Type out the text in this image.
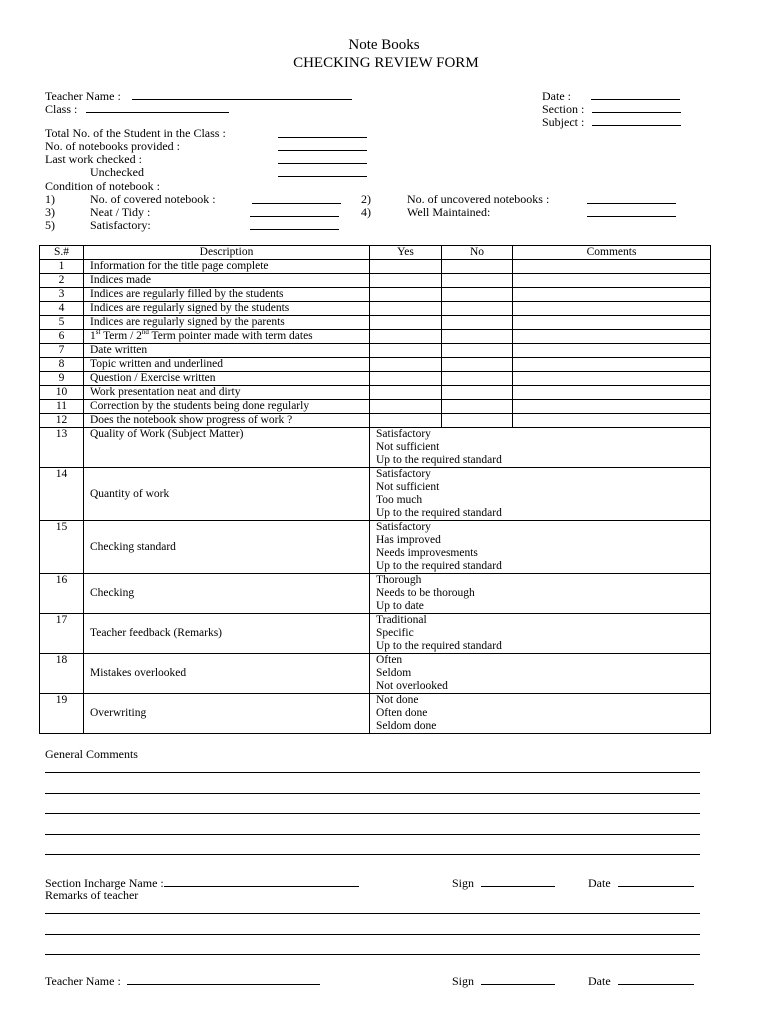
Note Books
CHECKING REVIEW FORM
Teacher Name :
Class :
Date :
Section :
Subject :
Total No. of the Student in the Class :
No. of notebooks provided :
Last work checked :
Unchecked
Condition of notebook :
1)	No. of covered notebook :	2)	No. of uncovered notebooks :
3)	Neat / Tidy :	4)	Well Maintained:
5)	Satisfactory:
S.#	Description	Yes	No	Comments
1	Information for the title page complete			
2	Indices made			
3	Indices are regularly filled by the students			
4	Indices are regularly signed by the students			
5	Indices are regularly signed by the parents			
6	1st Term / 2nd Term pointer made with term dates			
7	Date written			
8	Topic written and underlined			
9	Question / Exercise written			
10	Work presentation neat and dirty			
11	Correction by the students being done regularly			
12	Does the notebook show progress of work ?			
13	Quality of Work (Subject Matter)	Satisfactory
Not sufficient
Up to the required standard		

14	Quantity of work	Satisfactory
Not sufficient
Too much
Up to the required standard		

15	Checking standard	Satisfactory
Has improved
Needs improvesments
Up to the required standard		

16	Checking	Thorough
Needs to be thorough
Up to date		

17	Teacher feedback (Remarks)	Traditional
Specific
Up to the required standard		

18	Mistakes overlooked	Often
Seldom
Not overlooked		

19	Overwriting	Not done
Often done
Seldom done		
General Comments
Section Incharge Name :	Sign	Date
Remarks of teacher
Teacher Name :	Sign	Date
